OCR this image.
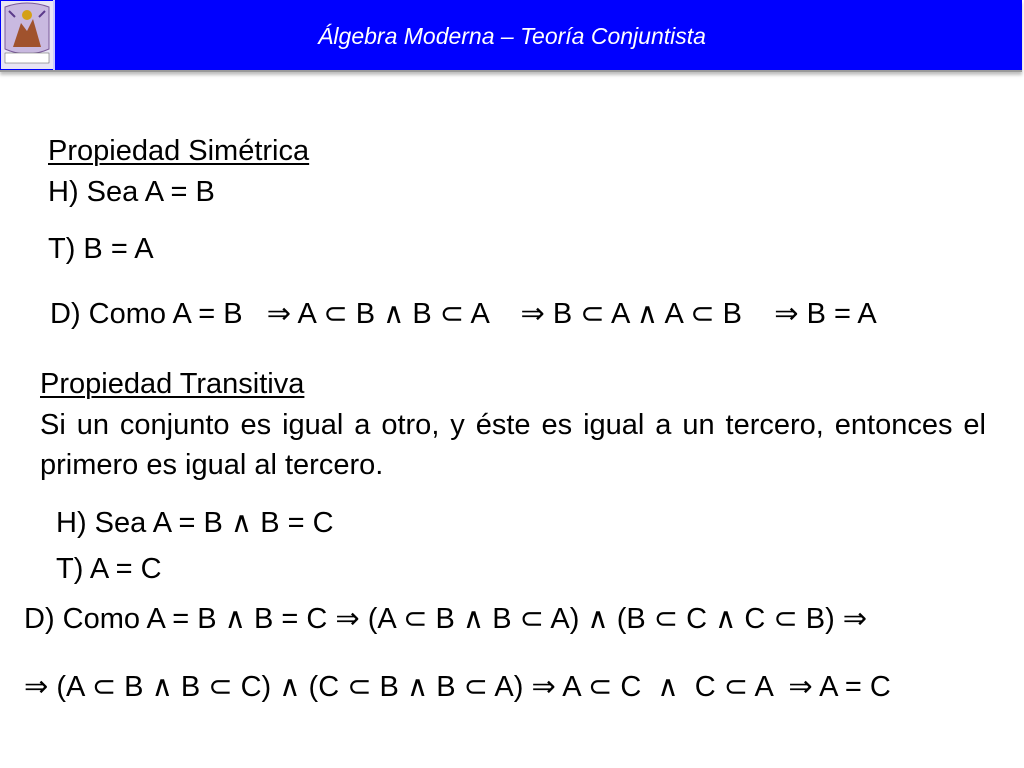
Álgebra Moderna – Teoría Conjuntista
Propiedad Simétrica
H) Sea A = B
T) B = A
D) Como A = B   ⇒ A ⊂ B ∧ B ⊂ A    ⇒ B ⊂ A ∧ A ⊂ B    ⇒ B = A
Propiedad Transitiva
Si un conjunto es igual a otro, y éste es igual a un tercero, entonces el primero es igual al tercero.
H) Sea A = B ∧ B = C
T) A = C
D) Como A = B ∧ B = C ⇒ (A ⊂ B ∧ B ⊂ A) ∧ (B ⊂ C ∧ C ⊂ B) ⇒
⇒ (A ⊂ B ∧ B ⊂ C) ∧ (C ⊂ B ∧ B ⊂ A) ⇒ A ⊂ C  ∧  C ⊂ A  ⇒ A = C
